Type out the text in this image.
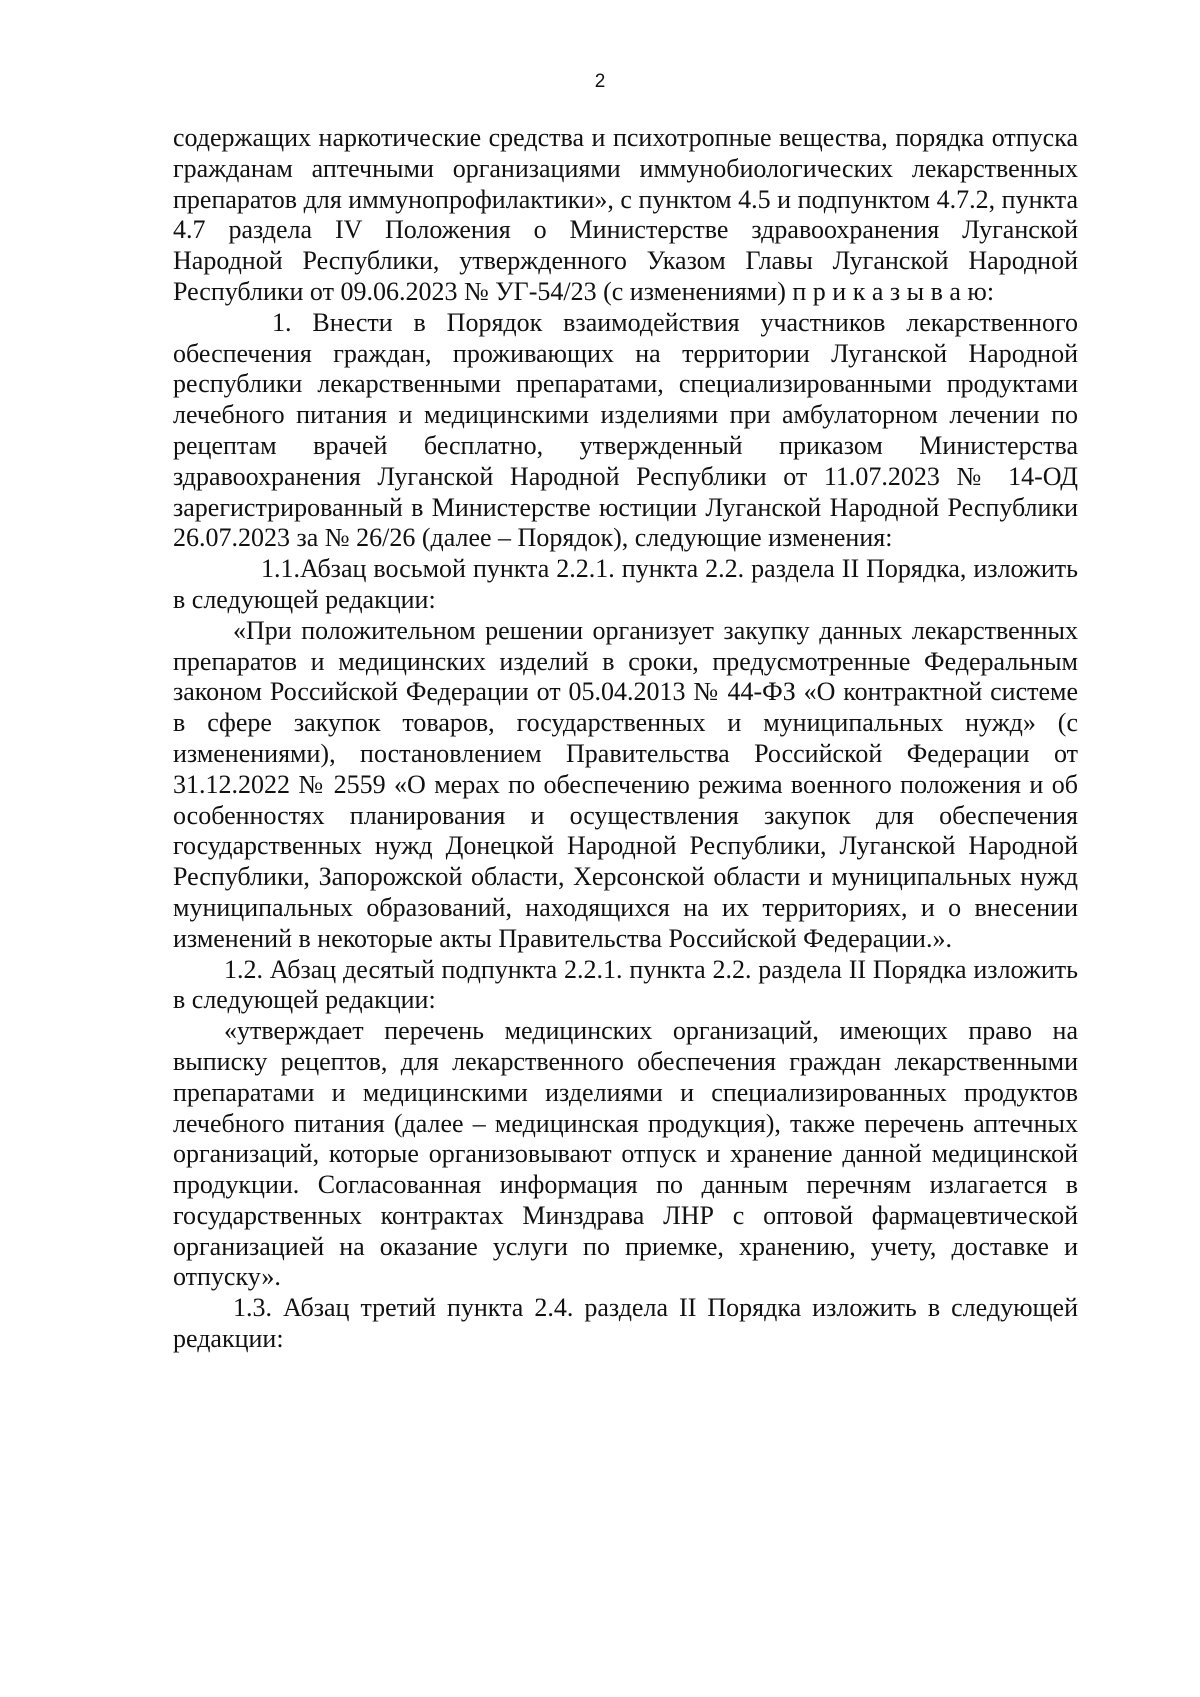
2

содержащих наркотические средства и психотропные вещества, порядка отпуска гражданам аптечными организациями иммунобиологических лекарственных препаратов для иммунопрофилактики», с пунктом 4.5 и подпунктом 4.7.2, пункта 4.7 раздела IV Положения о Министерстве здравоохранения Луганской Народной Республики, утвержденного Указом Главы Луганской Народной Республики от 09.06.2023 № УГ-54/23 (с изменениями) п р и к а з ы в а ю:

1. Внести в Порядок взаимодействия участников лекарственного обеспечения граждан, проживающих на территории Луганской Народной республики лекарственными препаратами, специализированными продуктами лечебного питания и медицинскими изделиями при амбулаторном лечении по рецептам врачей бесплатно, утвержденный приказом Министерства здравоохранения Луганской Народной Республики от 11.07.2023 № 14-ОД зарегистрированный в Министерстве юстиции Луганской Народной Республики 26.07.2023 за № 26/26 (далее – Порядок), следующие изменения:

1.1.Абзац восьмой пункта 2.2.1. пункта 2.2. раздела II Порядка, изложить в следующей редакции:

«При положительном решении организует закупку данных лекарственных препаратов и медицинских изделий в сроки, предусмотренные Федеральным законом Российской Федерации от 05.04.2013 № 44-ФЗ «О контрактной системе в сфере закупок товаров, государственных и муниципальных нужд» (с изменениями), постановлением Правительства Российской Федерации от 31.12.2022 № 2559 «О мерах по обеспечению режима военного положения и об особенностях планирования и осуществления закупок для обеспечения государственных нужд Донецкой Народной Республики, Луганской Народной Республики, Запорожской области, Херсонской области и муниципальных нужд муниципальных образований, находящихся на их территориях, и о внесении изменений в некоторые акты Правительства Российской Федерации.».

1.2. Абзац десятый подпункта 2.2.1. пункта 2.2. раздела II Порядка изложить в следующей редакции:

«утверждает перечень медицинских организаций, имеющих право на выписку рецептов, для лекарственного обеспечения граждан лекарственными препаратами и медицинскими изделиями и специализированных продуктов лечебного питания (далее – медицинская продукция), также перечень аптечных организаций, которые организовывают отпуск и хранение данной медицинской продукции. Согласованная информация по данным перечням излагается в государственных контрактах Минздрава ЛНР с оптовой фармацевтической организацией на оказание услуги по приемке, хранению, учету, доставке и отпуску».

1.3. Абзац третий пункта 2.4. раздела II Порядка изложить в следующей редакции:
